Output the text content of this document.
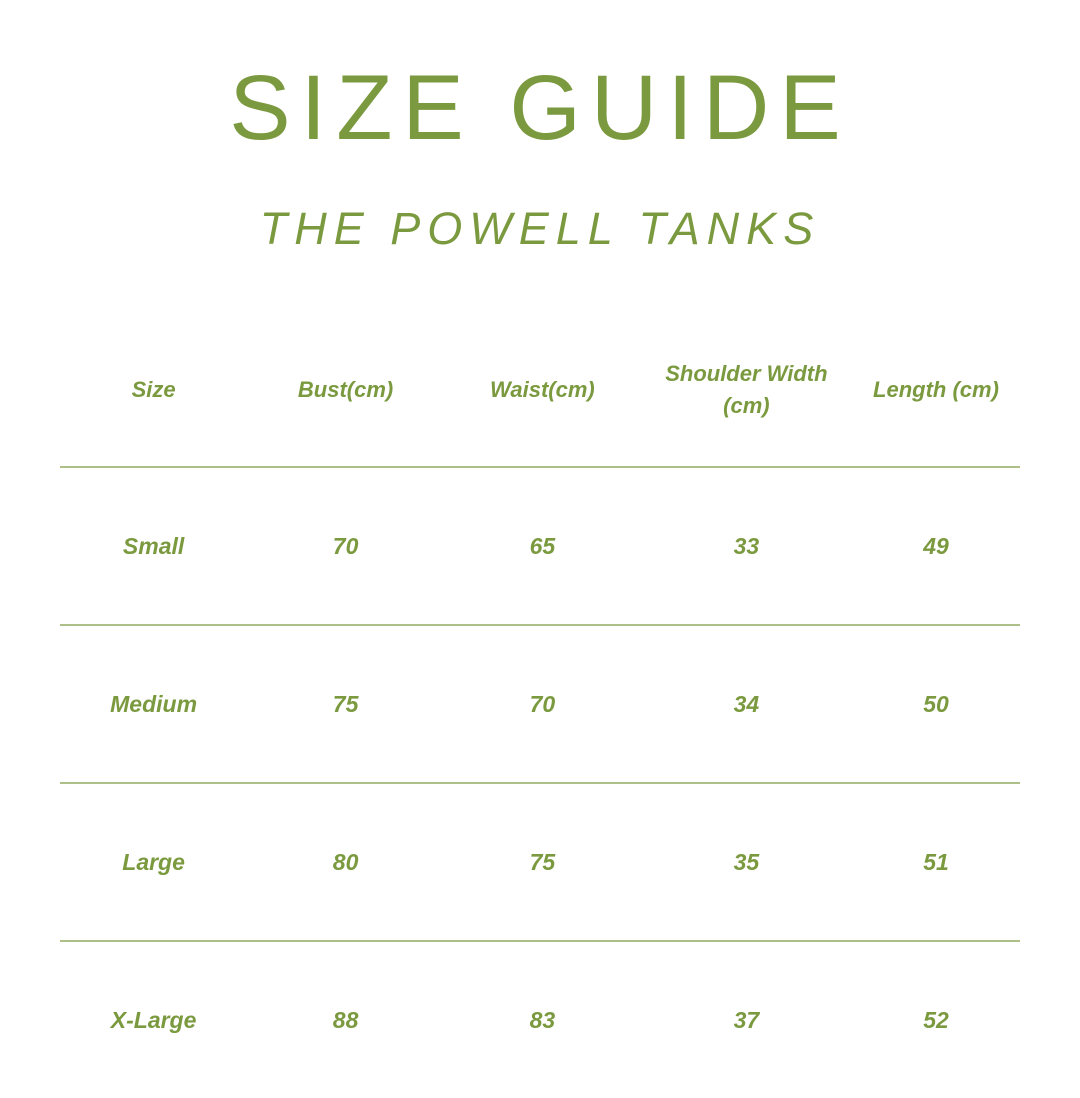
SIZE GUIDE
THE POWELL TANKS
Size	Bust(cm)	Waist(cm)	Shoulder Width (cm)	Length (cm)
Small	70	65	33	49
Medium	75	70	34	50
Large	80	75	35	51
X-Large	88	83	37	52
